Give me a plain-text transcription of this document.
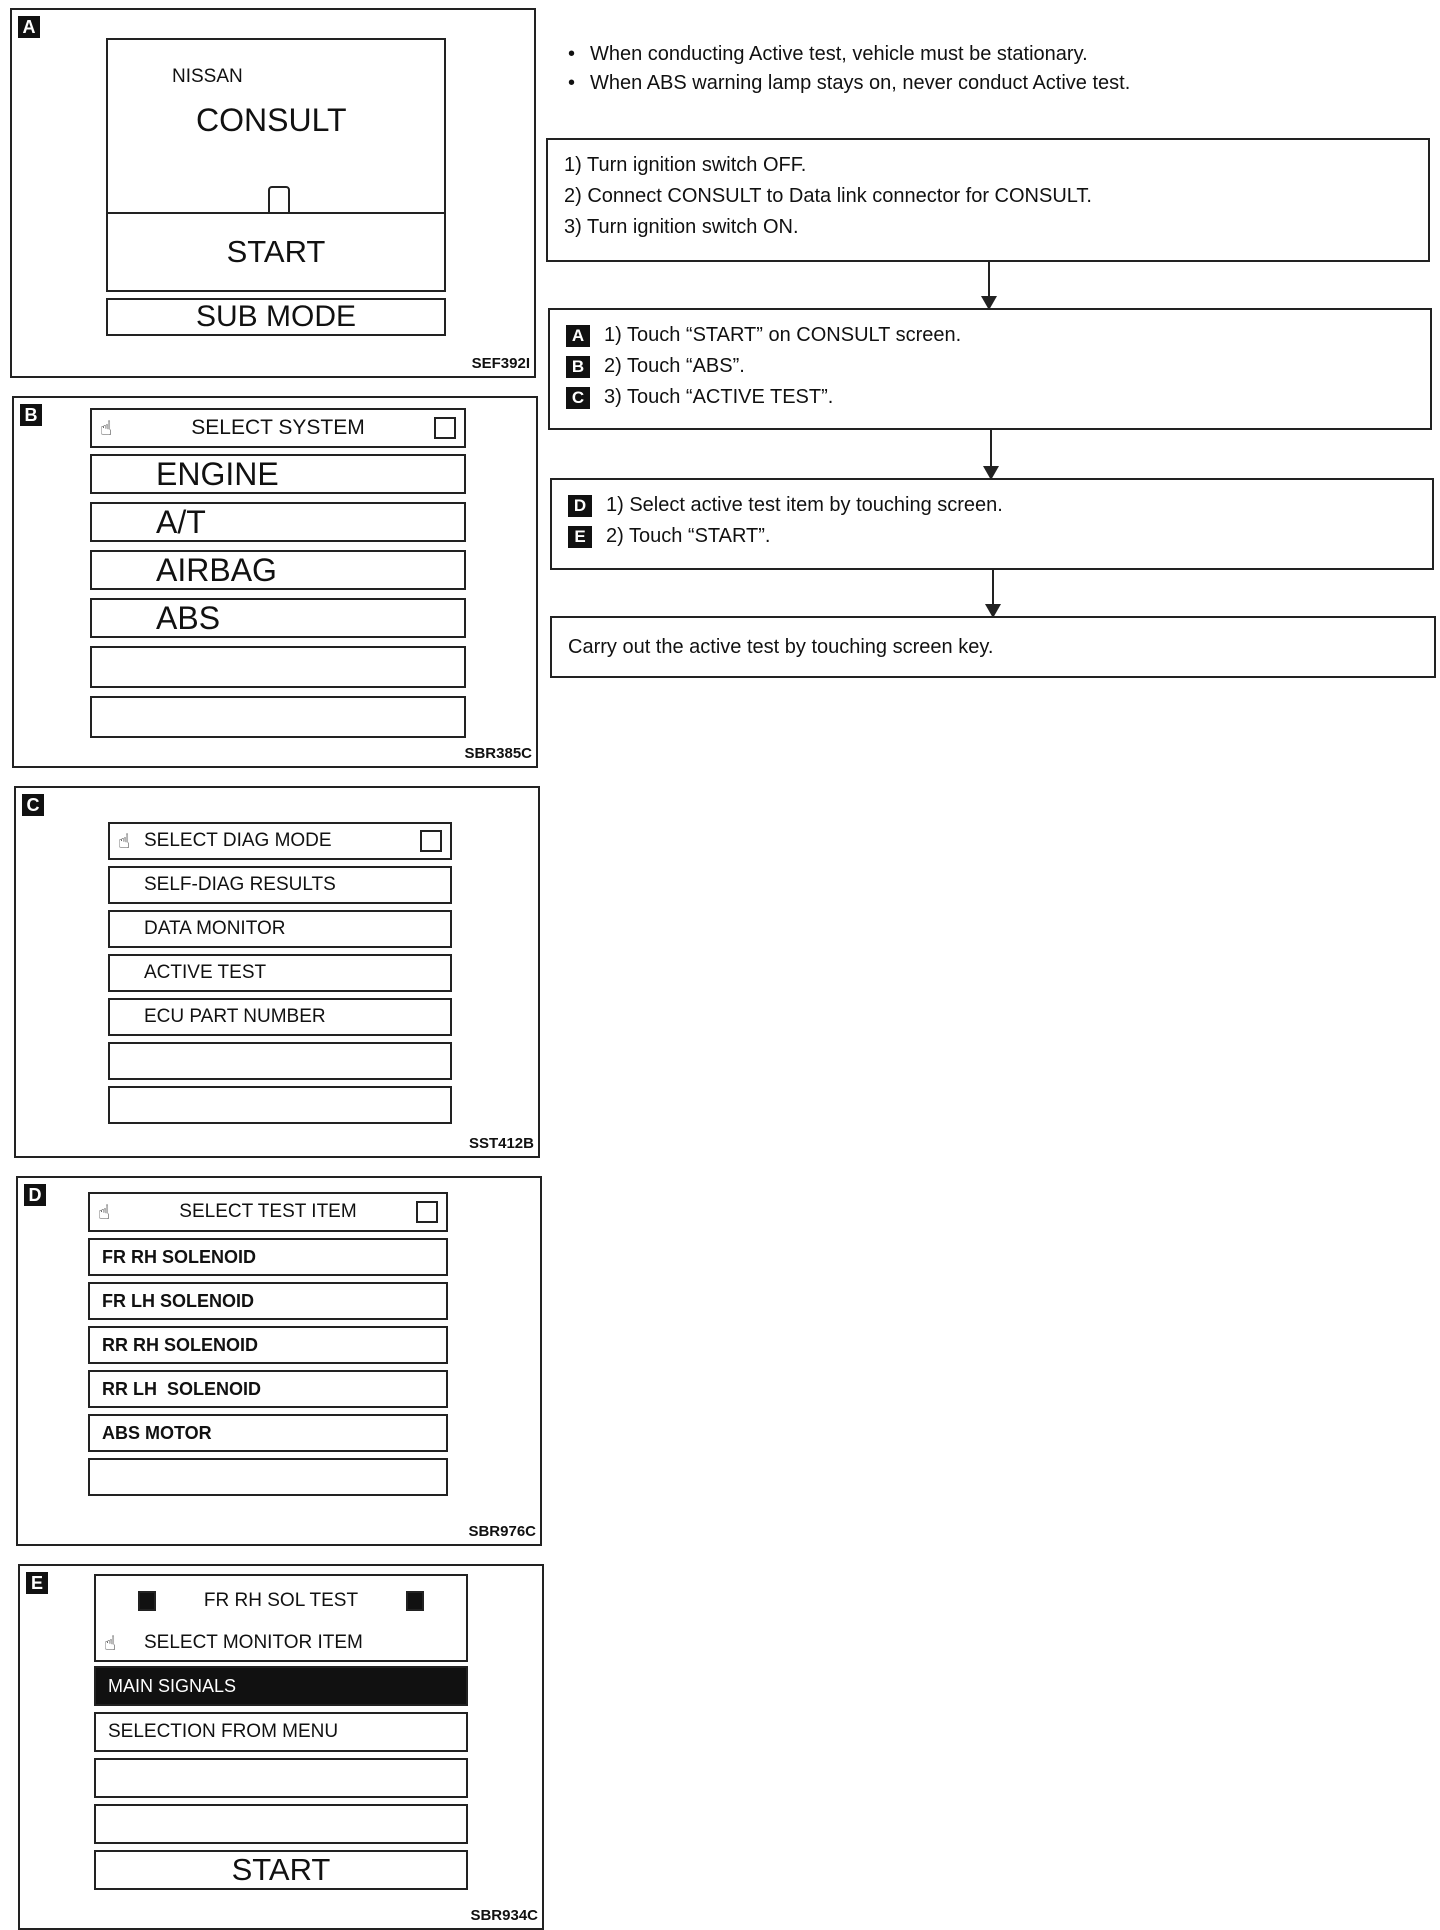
A
NISSAN
CONSULT
START
SUB MODE
SEF392I
B
☝	SELECT SYSTEM
ENGINE
A/T
AIRBAG
ABS
SBR385C
C
☝ SELECT DIAG MODE
SELF-DIAG RESULTS
DATA MONITOR
ACTIVE TEST
ECU PART NUMBER
SST412B
D
☝	SELECT TEST ITEM
FR RH SOLENOID
FR LH SOLENOID
RR RH SOLENOID
RR LH  SOLENOID
ABS MOTOR
SBR976C
E
FR RH SOL TEST
☝	SELECT MONITOR ITEM
MAIN SIGNALS
SELECTION FROM MENU
START
SBR934C
• When conducting Active test, vehicle must be stationary.
• When ABS warning lamp stays on, never conduct Active test.
1) Turn ignition switch OFF.
2) Connect CONSULT to Data link connector for CONSULT.
3) Turn ignition switch ON.
A 1) Touch “START” on CONSULT screen.
B 2) Touch “ABS”.
C 3) Touch “ACTIVE TEST”.
D 1) Select active test item by touching screen.
E	2) Touch “START”.
Carry out the active test by touching screen key.
